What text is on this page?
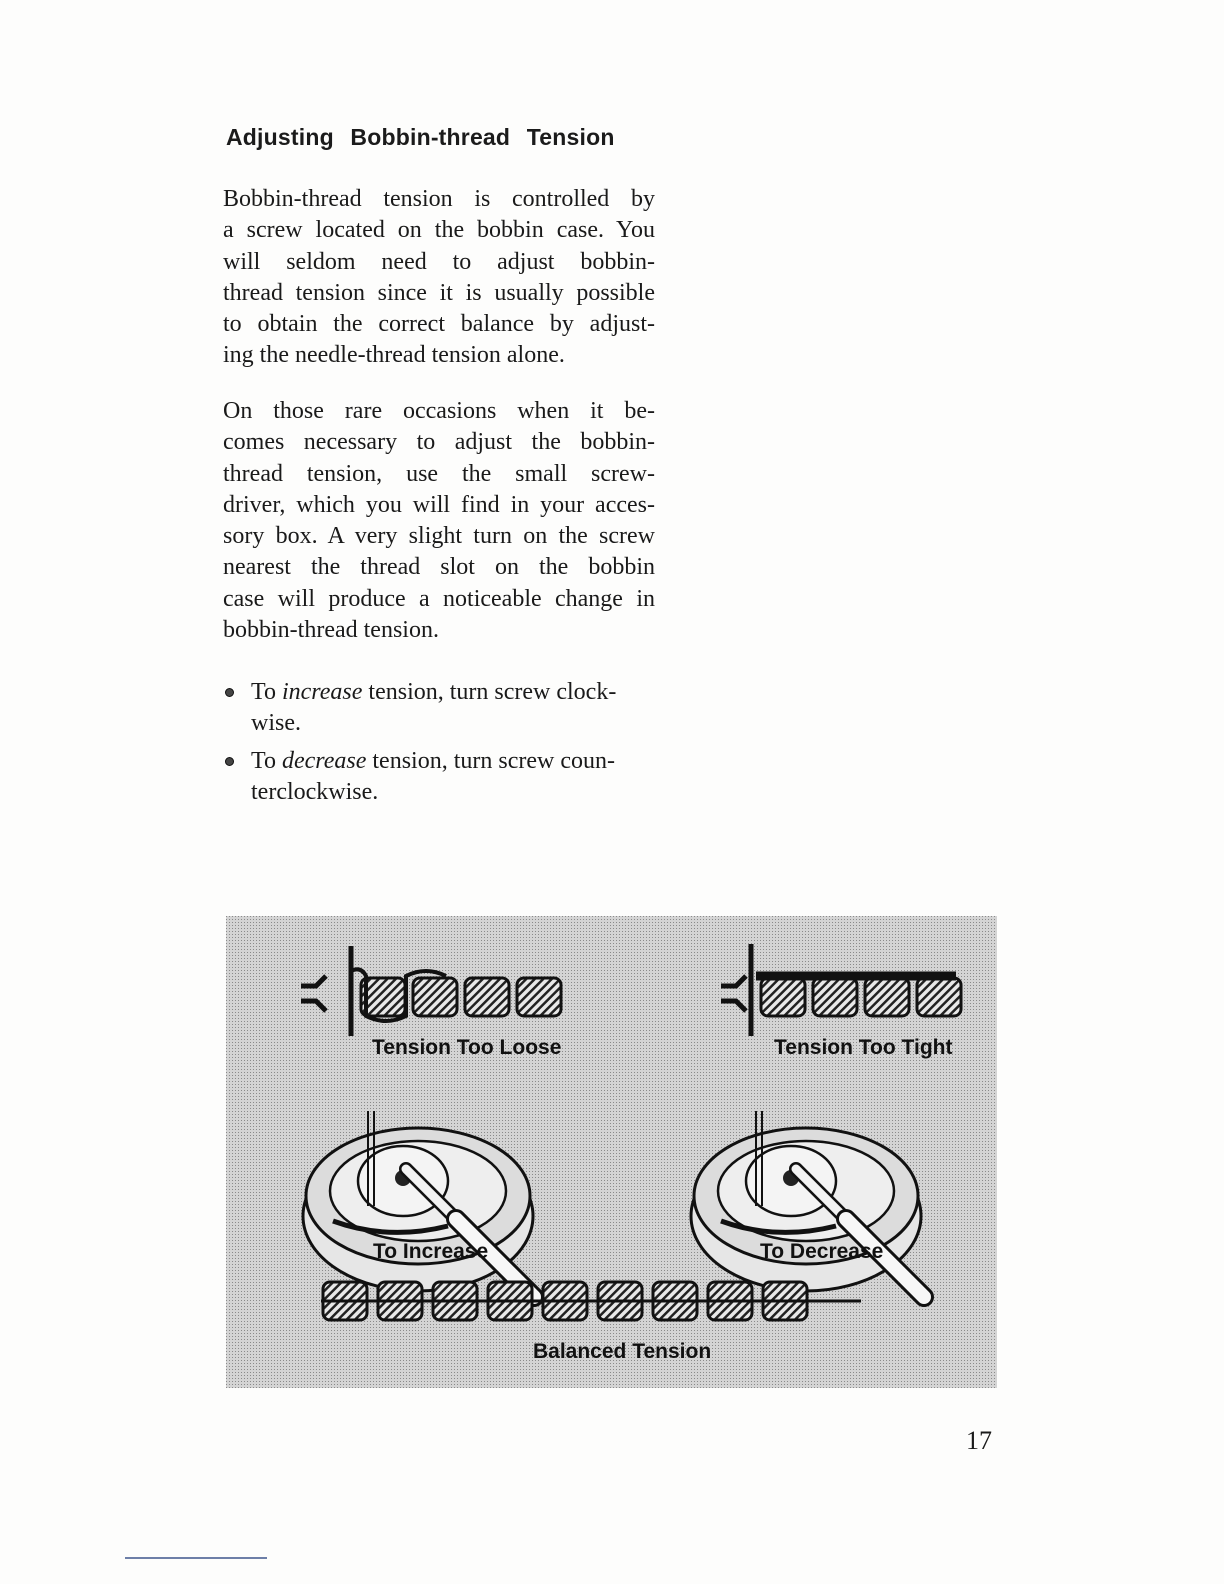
Adjusting Bobbin-thread Tension
Bobbin-thread tension is controlled by
a screw located on the bobbin case. You
will seldom need to adjust bobbin-
thread tension since it is usually possible
to obtain the correct balance by adjust-
ing the needle-thread tension alone.
On those rare occasions when it be-
comes necessary to adjust the bobbin-
thread tension, use the small screw-
driver, which you will find in your acces-
sory box. A very slight turn on the screw
nearest the thread slot on the bobbin
case will produce a noticeable change in
bobbin-thread tension.
To increase tension, turn screw clock-
wise.
To decrease tension, turn screw coun-
terclockwise.
Tension Too Loose	Tension Too Tight
To Increase	To Decrease
Balanced Tension
17
